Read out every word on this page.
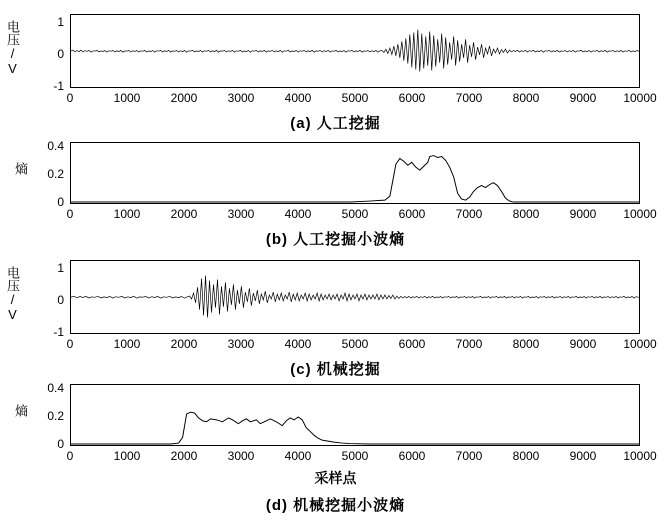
电压/V	1
0
-1
0	1000	2000	3000	4000	5000	6000	7000	8000	9000 10000
(a) 人工挖掘
熵
0.4
0.2
0
0	1000	2000	3000	4000	5000	6000	7000	8000	9000 10000
(b) 人工挖掘小波熵
电压/V	1
0
-1
0	1000	2000	3000	4000	5000	6000	7000	8000	9000 10000
(c) 机械挖掘
熵
0.4
0.2
0
0	1000	2000	3000	4000	5000	6000	7000	8000	9000 10000
采样点
(d) 机械挖掘小波熵
